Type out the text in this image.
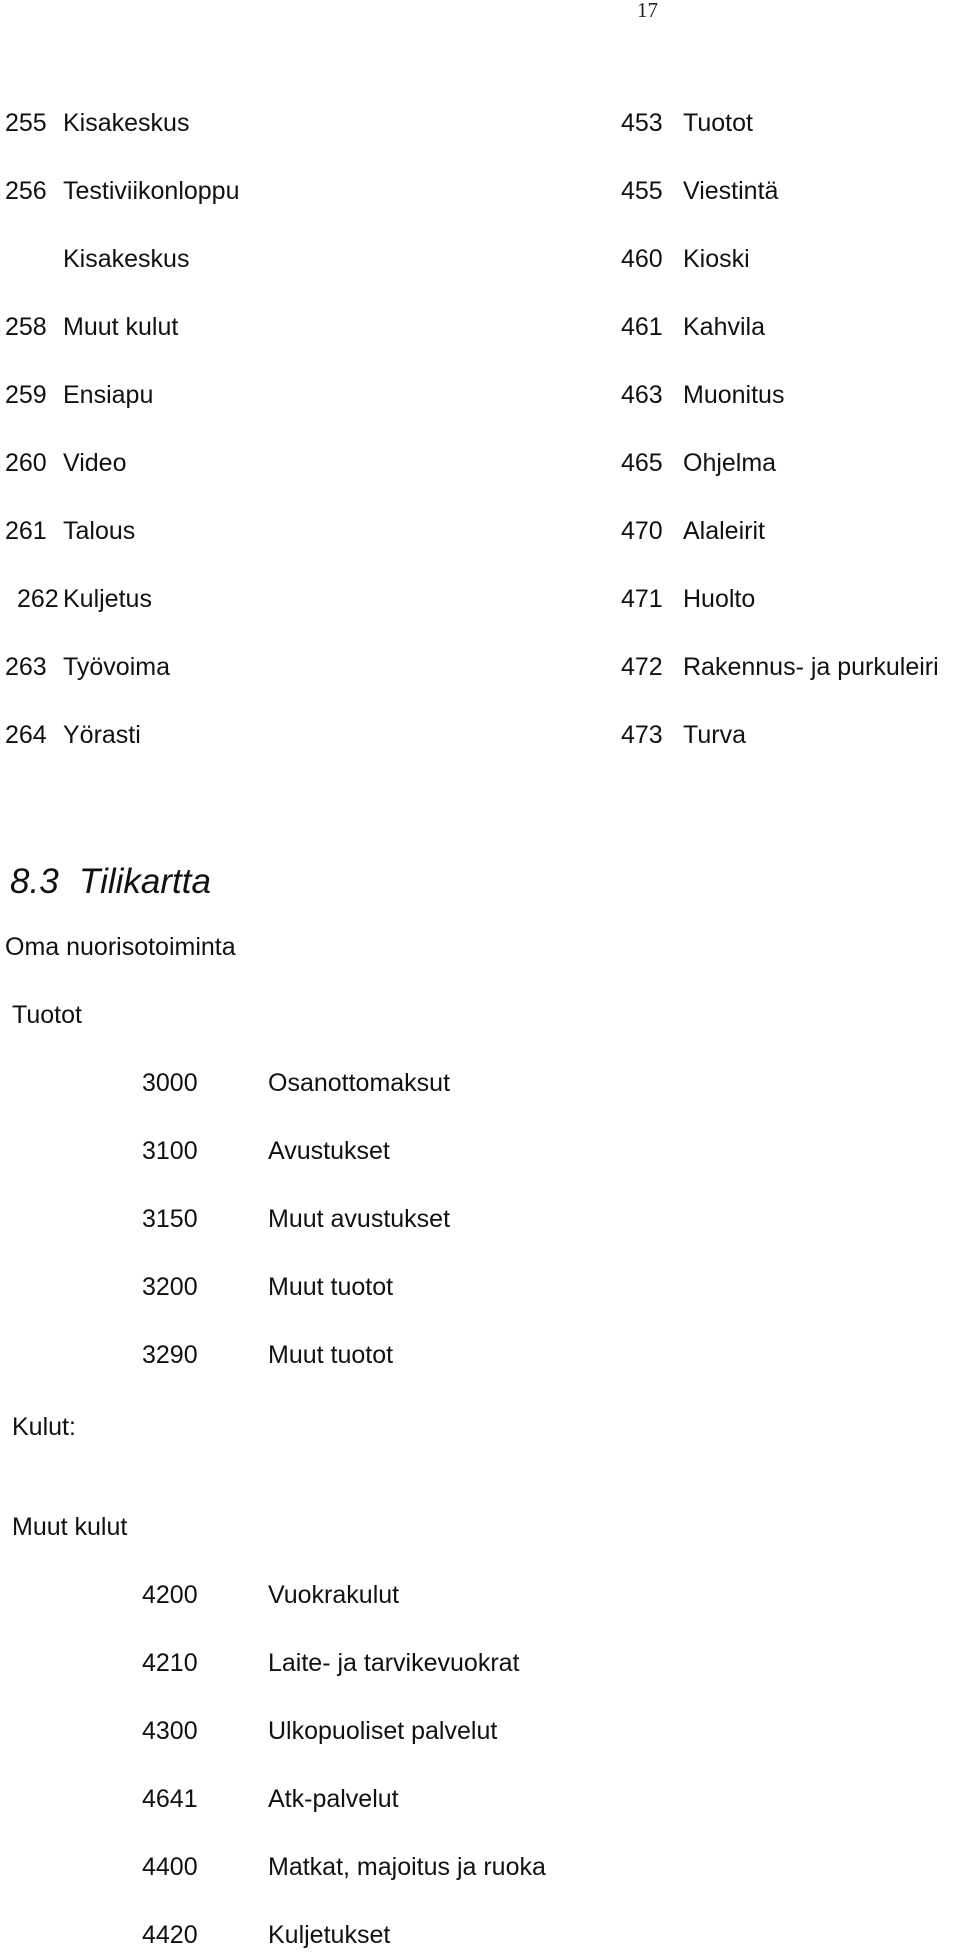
17
255 Kisakeskus
256 Testiviikonloppu
Kisakeskus
258 Muut kulut
259 Ensiapu
260 Video
261 Talous
262 Kuljetus
263 Työvoima
264 Yörasti
453 Tuotot
455 Viestintä
460 Kioski
461 Kahvila
463 Muonitus
465 Ohjelma
470 Alaleirit
471 Huolto
472 Rakennus- ja purkuleiri
473 Turva
8.3 Tilikartta
Oma nuorisotoiminta
Tuotot
3000	Osanottomaksut
3100	Avustukset
3150	Muut avustukset
3200	Muut tuotot
3290	Muut tuotot
Kulut:
Muut kulut
4200	Vuokrakulut
4210	Laite- ja tarvikevuokrat
4300	Ulkopuoliset palvelut
4641	Atk-palvelut
4400	Matkat, majoitus ja ruoka
4420	Kuljetukset
